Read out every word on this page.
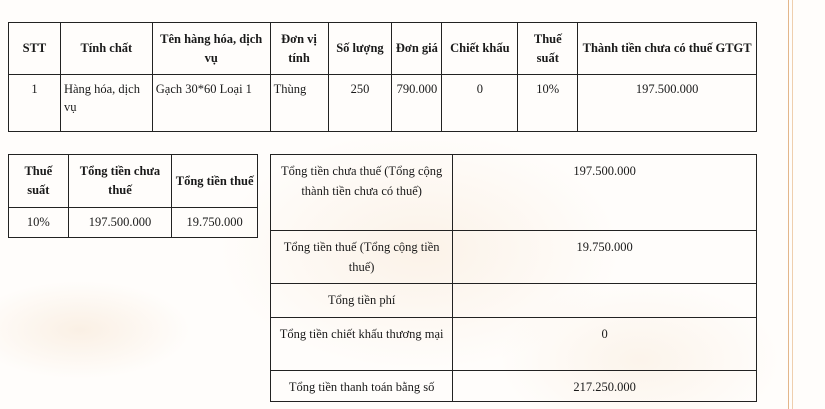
STT	Tính chất	Tên hàng hóa, dịch vụ	Đơn vị tính	Số lượng	Đơn giá	Chiết khấu	Thuế suất	Thành tiền chưa có thuế GTGT
1	Hàng hóa, dịch vụ	Gạch 30*60 Loại 1	Thùng	250	790.000	0	10%	197.500.000
Thuế suất	Tổng tiền chưa thuế	Tổng tiền thuế
10%	197.500.000	19.750.000
Tổng tiền chưa thuế (Tổng cộng thành tiền chưa có thuế)	197.500.000
Tổng tiền thuế (Tổng cộng tiền thuế)	19.750.000
Tổng tiền phí	
Tổng tiền chiết khấu thương mại	0
Tổng tiền thanh toán bằng số	217.250.000
